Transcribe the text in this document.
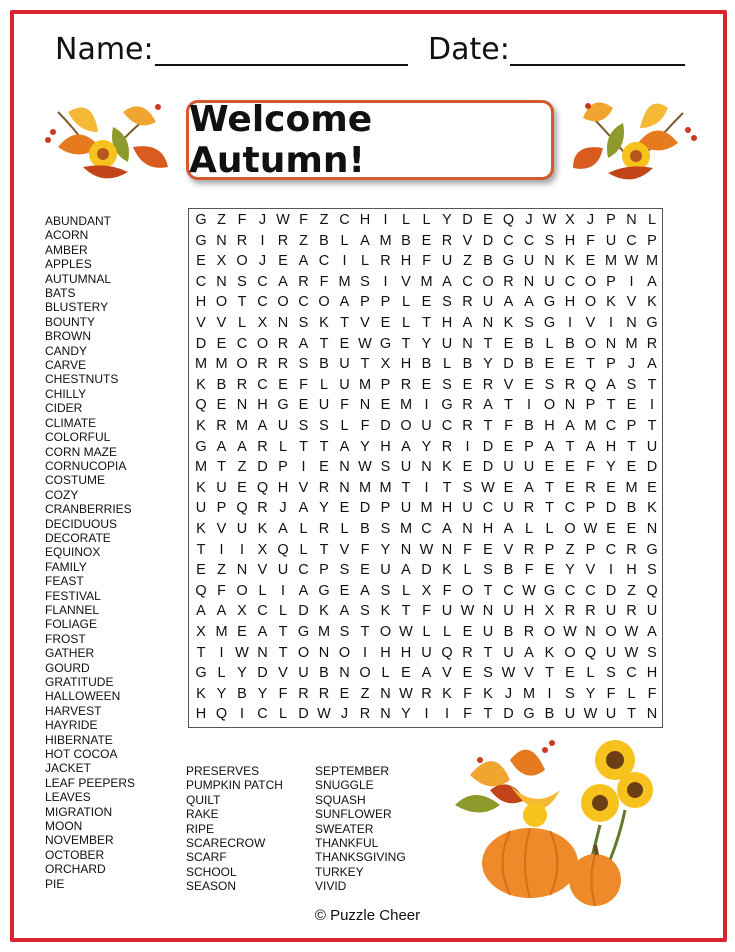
Name:	Date:
Welcome Autumn!
G Z F J W F Z C H I L L Y D E Q J W X J P N L
G N R I R Z B L A M B E R V D C C S H F U C P
E X O J E A C I L R H F U Z B G U N K E M W M
C N S C A R F M S I V M A C O R N U C O P I A
H O T C O C O A P P L E S R U A A G H O K V K
V V L X N S K T V E L T H A N K S G I V I N G
D E C O R A T E W G T Y U N T E B L B O N M R
M M O R R S B U T X H B L B Y D B E E T P J A
K B R C E F L U M P R E S E R V E S R Q A S T
Q E N H G E U F N E M I G R A T I O N P T E I
K R M A U S S L F D O U C R T F B H A M C P T
G A A R L T T A Y H A Y R I D E P A T A H T U
M T Z D P I E N W S U N K E D U U E E F Y E D
K U E Q H V R N M M T I T S W E A T E R E M E
U P Q R J A Y E D P U M H U C U R T C P D B K
K V U K A L R L B S M C A N H A L L O W E E N
T I	I X Q L T V F Y N W N F E V R P Z P C R G
E Z N V U C P S E U A D K L S B F E Y V I H S
Q F O L I A G E A S L X F O T C W G C C D Z Q
A A X C L D K A S K T F U W N U H X R R U R U
X M E A T G M S T O W L L E U B R O W N O W A
T I W N T O N O I H H U Q R T U A K O Q U W S
G L Y D V U B N O L E A V E S W V T E L S C H
K Y B Y F R R E Z N W R K F K J M I S Y F L F
H Q I C L D W J R N Y I	I F T D G B U W U T N
ABUNDANT
ACORN
AMBER
APPLES
AUTUMNAL
BATS
BLUSTERY
BOUNTY
BROWN
CANDY
CARVE
CHESTNUTS
CHILLY
CIDER
CLIMATE
COLORFUL
CORN MAZE
CORNUCOPIA
COSTUME
COZY
CRANBERRIES
DECIDUOUS
DECORATE
EQUINOX
FAMILY
FEAST
FESTIVAL
FLANNEL
FOLIAGE
FROST
GATHER
GOURD
GRATITUDE
HALLOWEEN
HARVEST
HAYRIDE
HIBERNATE
HOT COCOA
JACKET
LEAF PEEPERS
LEAVES
MIGRATION
MOON
NOVEMBER
OCTOBER
ORCHARD
PIE
PRESERVES
PUMPKIN PATCH
QUILT
RAKE
RIPE
SCARECROW
SCARF
SCHOOL
SEASON
SEPTEMBER
SNUGGLE
SQUASH
SUNFLOWER
SWEATER
THANKFUL
THANKSGIVING
TURKEY
VIVID
© Puzzle Cheer
